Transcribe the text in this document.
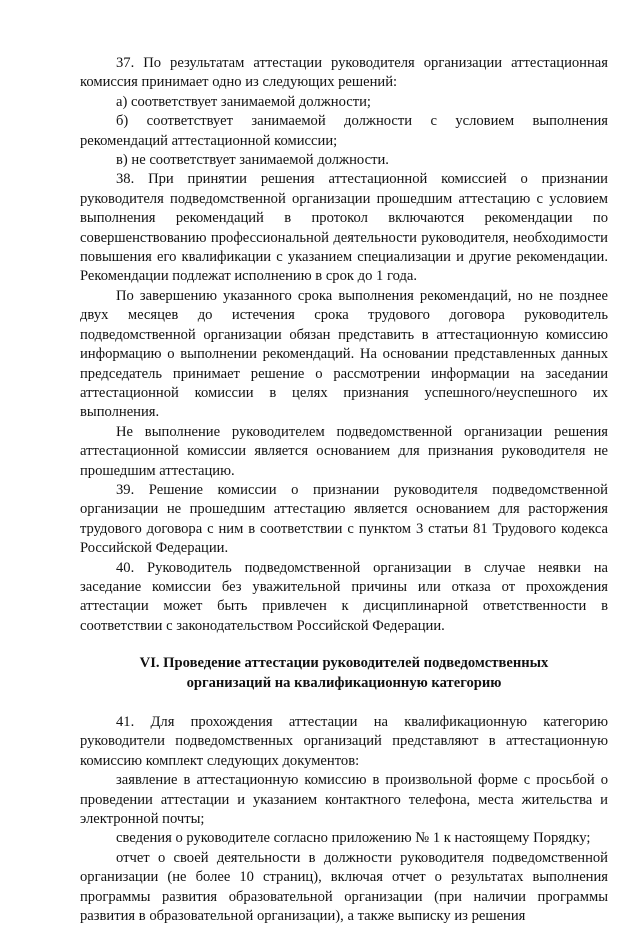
37. По результатам аттестации руководителя организации аттестационная комиссия принимает одно из следующих решений:

а) соответствует занимаемой должности;

б) соответствует занимаемой должности с условием выполнения рекомендаций аттестационной комиссии;

в) не соответствует занимаемой должности.

38. При принятии решения аттестационной комиссией о признании руководителя подведомственной организации прошедшим аттестацию с условием выполнения рекомендаций в протокол включаются рекомендации по совершенствованию профессиональной деятельности руководителя, необходимости повышения его квалификации с указанием специализации и другие рекомендации. Рекомендации подлежат исполнению в срок до 1 года.

По завершению указанного срока выполнения рекомендаций, но не позднее двух месяцев до истечения срока трудового договора руководитель подведомственной организации обязан представить в аттестационную комиссию информацию о выполнении рекомендаций. На основании представленных данных председатель принимает решение о рассмотрении информации на заседании аттестационной комиссии в целях признания успешного/неуспешного их выполнения.

Не выполнение руководителем подведомственной организации решения аттестационной комиссии является основанием для признания руководителя не прошедшим аттестацию.

39. Решение комиссии о признании руководителя подведомственной организации не прошедшим аттестацию является основанием для расторжения трудового договора с ним в соответствии с пунктом 3 статьи 81 Трудового кодекса Российской Федерации.

40. Руководитель подведомственной организации в случае неявки на заседание комиссии без уважительной причины или отказа от прохождения аттестации может быть привлечен к дисциплинарной ответственности в соответствии с законодательством Российской Федерации.

VI. Проведение аттестации руководителей подведомственных организаций на квалификационную категорию

41. Для прохождения аттестации на квалификационную категорию руководители подведомственных организаций представляют в аттестационную комиссию комплект следующих документов:

заявление в аттестационную комиссию в произвольной форме с просьбой о проведении аттестации и указанием контактного телефона, места жительства и электронной почты;

сведения о руководителе согласно приложению № 1 к настоящему Порядку;

отчет о своей деятельности в должности руководителя подведомственной организации (не более 10 страниц), включая отчет о результатах выполнения программы развития образовательной организации (при наличии программы развития в образовательной организации), а также выписку из решения
